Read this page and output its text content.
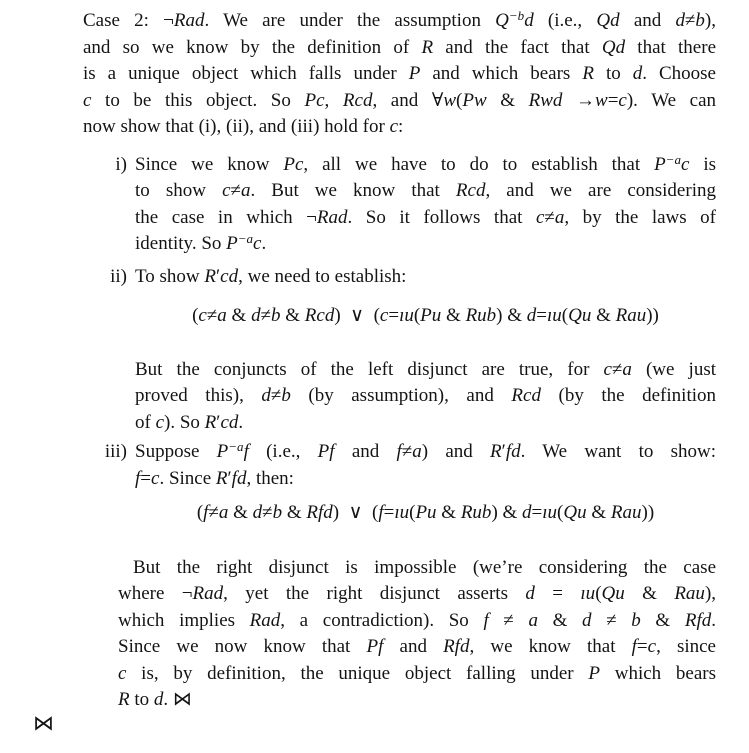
Case 2: ¬Rad. We are under the assumption $Q^{-b}d$ (i.e., Qd and d≠b),
and so we know by the definition of R and the fact that Qd that there
is a unique object which falls under P and which bears R to d. Choose
c to be this object. So Pc, Rcd, and ∀w(Pw & Rwd →w=c). We can
now show that (i), (ii), and (iii) hold for c:
i) Since we know Pc, all we have to do to establish that $P^{-a}c$ is
to show c≠a. But we know that Rcd, and we are considering
the case in which ¬Rad. So it follows that c≠a, by the laws of
identity. So $P^{-a}c$.
ii) To show R′cd, we need to establish:
(c≠a & d≠b & Rcd) ∨ (c=ıu(Pu & Rub) & d=ıu(Qu & Rau))
But the conjuncts of the left disjunct are true, for c≠a (we just
proved this), d≠b (by assumption), and Rcd (by the definition
of c). So R′cd.
iii) Suppose $P^{-a}f$ (i.e., Pf and f≠a) and R′fd. We want to show:
f=c. Since R′fd, then:
(f≠a & d≠b & Rfd) ∨ (f=ıu(Pu & Rub) & d=ıu(Qu & Rau))
But the right disjunct is impossible (we’re considering the case
where ¬Rad, yet the right disjunct asserts d = ıu(Qu & Rau),
which implies Rad, a contradiction). So f ≠ a & d ≠ b & Rfd.
Since we now know that Pf and Rfd, we know that f=c, since
c is, by definition, the unique object falling under P which bears
R to d. ⋈
⋈
